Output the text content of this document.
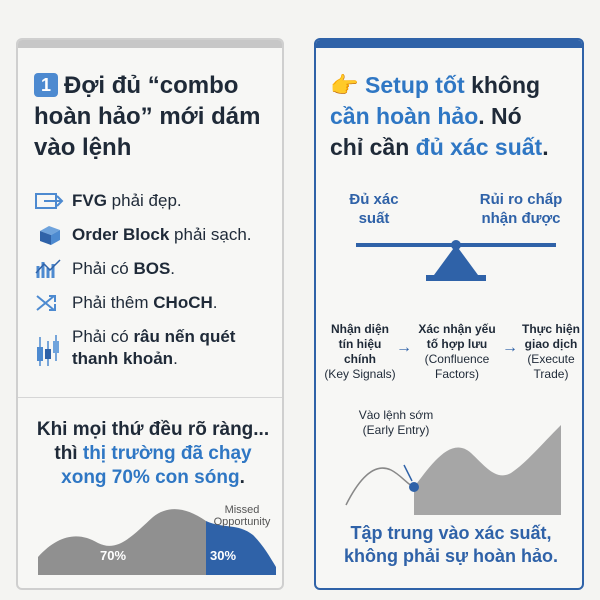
1 Đợi đủ “combo hoàn hảo” mới dám vào lệnh
FVG phải đẹp.
Order Block phải sạch.
Phải có BOS.
Phải thêm CHoCH.
Phải có râu nến quét thanh khoản.
Khi mọi thứ đều rõ ràng...
thì thị trường đã chạy
xong 70% con sóng.
Missed Opportunity
70%	30%
👉 Setup tốt không
cần hoàn hảo. Nó
chỉ cần đủ xác suất.
Đủ xác suất
Rủi ro chấp nhận được
Nhận diện tín hiệu chính
(Key Signals)
→
Xác nhận yếu tố hợp lưu
(Confluence Factors)
→
Thực hiện giao dịch
(Execute Trade)
Vào lệnh sớm
(Early Entry)
Tập trung vào xác suất,
không phải sự hoàn hảo.
